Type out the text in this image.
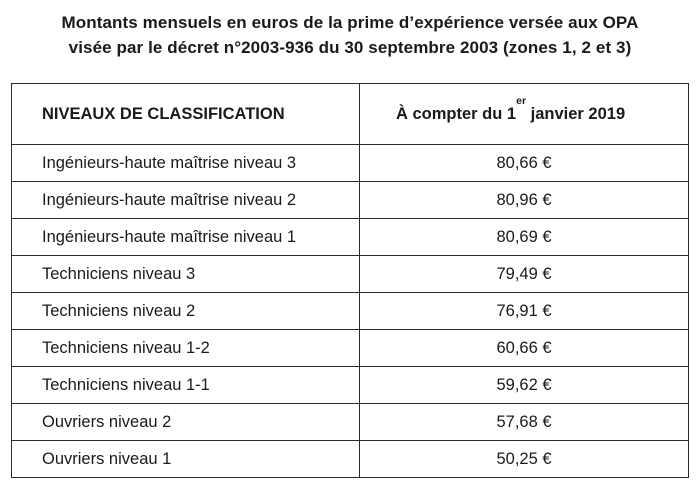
Montants mensuels en euros de la prime d’expérience versée aux OPA
visée par le décret n°2003-936 du 30 septembre 2003 (zones 1, 2 et 3)
NIVEAUX DE CLASSIFICATION	À compter du 1er janvier 2019
Ingénieurs-haute maîtrise niveau 3	80,66 €
Ingénieurs-haute maîtrise niveau 2	80,96 €
Ingénieurs-haute maîtrise niveau 1	80,69 €
Techniciens niveau 3	79,49 €
Techniciens niveau 2	76,91 €
Techniciens niveau 1-2	60,66 €
Techniciens niveau 1-1	59,62 €
Ouvriers niveau 2	57,68 €
Ouvriers niveau 1	50,25 €
